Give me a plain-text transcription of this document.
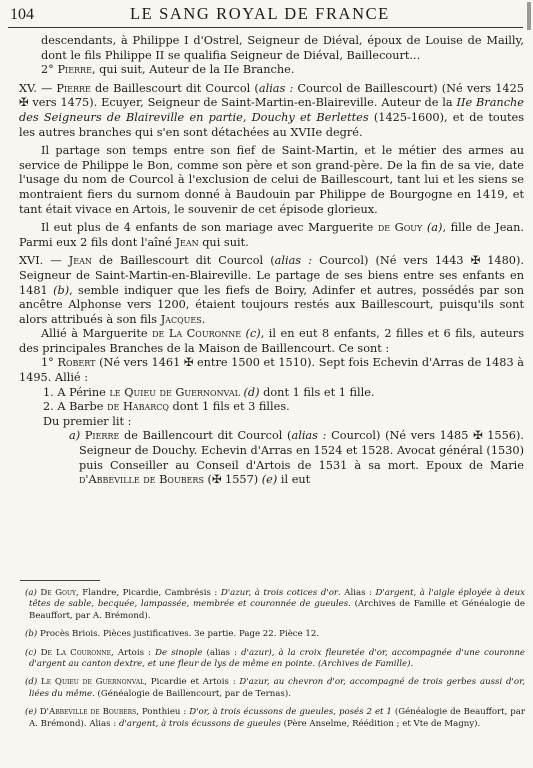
104	LE SANG ROYAL DE FRANCE

descendants, à Philippe I d'Ostrel, Seigneur de Diéval, époux de Louise de Mailly, dont le fils Philippe II se qualifia Seigneur de Diéval, Baillecourt...

2° Pierre, qui suit, Auteur de la IIe Branche.

XV. — Pierre de Baillescourt dit Courcol (alias : Courcol de Baillescourt) (Né vers 1425 ✠ vers 1475). Ecuyer, Seigneur de Saint-Martin-en-Blaireville. Auteur de la IIe Branche des Seigneurs de Blaireville en partie, Douchy et Berlettes (1425-1600), et de toutes les autres branches qui s'en sont détachées au XVIIe degré.

Il partage son temps entre son fief de Saint-Martin, et le métier des armes au service de Philippe le Bon, comme son père et son grand-père. De la fin de sa vie, date l'usage du nom de Courcol à l'exclusion de celui de Baillescourt, tant lui et les siens se montraient fiers du surnom donné à Baudouin par Philippe de Bourgogne en 1419, et tant était vivace en Artois, le souvenir de cet épisode glorieux.

Il eut plus de 4 enfants de son mariage avec Marguerite de Gouy (a), fille de Jean. Parmi eux 2 fils dont l'aîné Jean qui suit.

XVI. — Jean de Baillescourt dit Courcol (alias : Courcol) (Né vers 1443 ✠ 1480). Seigneur de Saint-Martin-en-Blaireville. Le partage de ses biens entre ses enfants en 1481 (b), semble indiquer que les fiefs de Boiry, Adinfer et autres, possédés par son ancêtre Alphonse vers 1200, étaient toujours restés aux Baillescourt, puisqu'ils sont alors attribués à son fils Jacques.

Allié à Marguerite de La Couronne (c), il en eut 8 enfants, 2 filles et 6 fils, auteurs des principales Branches de la Maison de Baillencourt. Ce sont :

1° Robert (Né vers 1461 ✠ entre 1500 et 1510). Sept fois Echevin d'Arras de 1483 à 1495. Allié :

1. A Périne le Quieu de Guernonval (d) dont 1 fils et 1 fille.

2. A Barbe de Habarcq dont 1 fils et 3 filles.

Du premier lit :

a) Pierre de Baillencourt dit Courcol (alias : Courcol) (Né vers 1485 ✠ 1556). Seigneur de Douchy. Echevin d'Arras en 1524 et 1528. Avocat général (1530) puis Conseiller au Conseil d'Artois de 1531 à sa mort. Epoux de Marie d'Abbeville de Boubers (✠ 1557) (e) il eut

(a) De Gouy, Flandre, Picardie, Cambrésis : D'azur, à trois cotices d'or. Alias : D'argent, à l'aigle éployée à deux têtes de sable, becquée, lampassée, membrée et couronnée de gueules. (Archives de Famille et Généalogie de Beauffort, par A. Brémond).

(b) Procès Briois. Pièces justificatives. 3e partie. Page 22. Pièce 12.

(c) De La Couronne, Artois : De sinople (alias : d'azur), à la croix fleuretée d'or, accompagnée d'une couronne d'argent au canton dextre, et une fleur de lys de même en pointe. (Archives de Famille).

(d) Le Quieu de Guernonval, Picardie et Artois : D'azur, au chevron d'or, accompagné de trois gerbes aussi d'or, liées du même. (Généalogie de Baillencourt, par de Ternas).

(e) D'Abbeville de Boubers, Ponthieu : D'or, à trois écussons de gueules, posés 2 et 1 (Généalogie de Beauffort, par A. Brémond). Alias : d'argent, à trois écussons de gueules (Père Anselme, Réédition ; et Vte de Magny).
